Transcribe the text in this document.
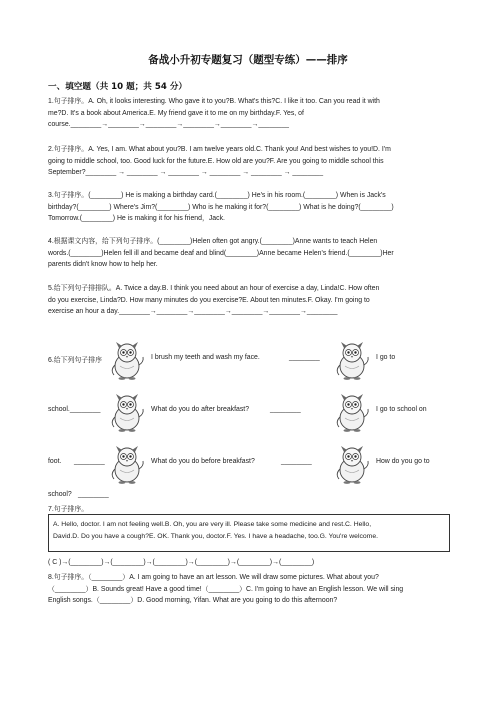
备战小升初专题复习（题型专练）——排序
一、填空题（共 10 题；共 54 分）

1.句子排序。A. Oh, it looks interesting. Who gave it to you?B. What's this?C. I like it too. Can you read it with

me?D. It's a book about America.E. My friend gave it to me on my birthday.F. Yes, of

course.________→________→________→________→________→________

2.句子排序。A. Yes, I am. What about you?B. I am twelve years old.C. Thank you! And best wishes to you!D. I'm

going to middle school, too. Good luck for the future.E. How old are you?F. Are you going to middle school this

September?________ → ________ → ________ → ________ → ________ → ________

3.句子排序。(________) He is making a birthday card.(________) He's in his room.(________) When is Jack's

birthday?(________) Where's Jim?(________) Who is he making it for?(________) What is he doing?(________)

Tomorrow.(________) He is making it for his friend，Jack.

4.根据课文内容，给下列句子排序。(________)Helen often got angry.(________)Anne wants to teach Helen

words.(________)Helen fell ill and became deaf and blind(________)Anne became Helen's friend.(________)Her

parents didn't know how to help her.

5.给下列句子排排队。A. Twice a day.B. I think you need about an hour of exercise a day, Linda!C. How often

do you exercise, Linda?D. How many minutes do you exercise?E. About ten minutes.F. Okay. I'm going to

exercise an hour a day.________→________→________→________→________→________

6.给下列句子排序	I brush my teeth and wash my face.	________	I go to
school.________	What do you do after breakfast?	________	I go to school on
foot. ________	What do you do before breakfast?	________	How do you go to
school? ________
7.句子排序。

A. Hello, doctor. I am not feeling well.B. Oh, you are very ill. Please take some medicine and rest.C. Hello,

David.D. Do you have a cough?E. OK. Thank you, doctor.F. Yes. I have a headache, too.G. You're welcome.

( C )→(________)→(________)→(________)→(________)→(________)→(________)

8.句子排序。（________）A. I am going to have an art lesson. We will draw some pictures. What about you?

（________）B. Sounds great! Have a good time!（________）C. I'm going to have an English lesson. We will sing

English songs.（________）D. Good morning, Yifan. What are you going to do this afternoon?
